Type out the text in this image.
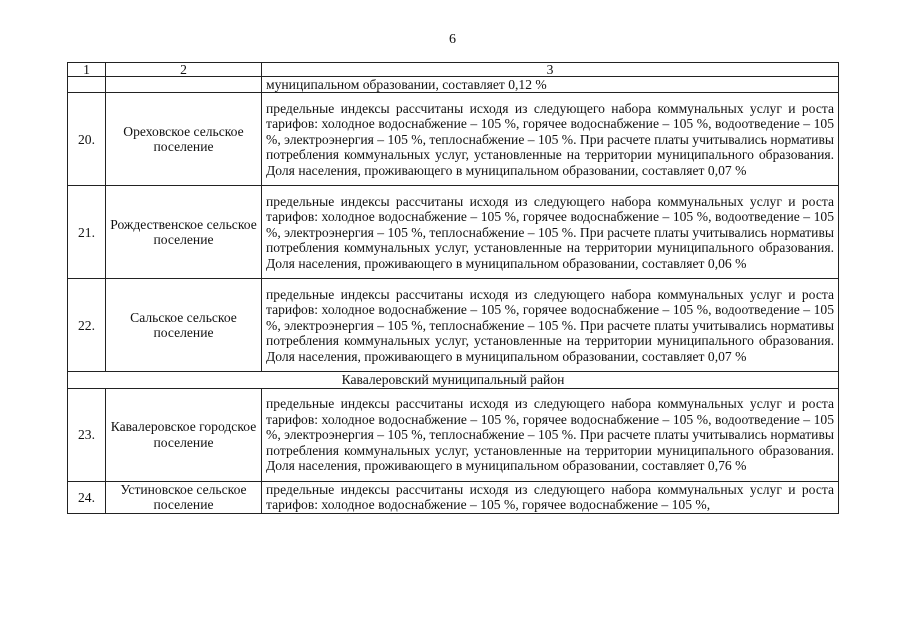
6
1	2	3
		муниципальном образовании, составляет 0,12 %
20.	Ореховское сельское поселение	предельные индексы рассчитаны исходя из следующего набора коммунальных услуг и роста тарифов: холодное водоснабжение – 105 %, горячее водоснабжение – 105 %, водоотведение – 105 %, электроэнергия – 105 %, теплоснабжение – 105 %. При расчете платы учитывались нормативы потребления коммунальных услуг, установленные на территории муниципального образования. Доля населения, проживающего в муниципальном образовании, составляет 0,07 %
21.	Рождественское сельское поселение	предельные индексы рассчитаны исходя из следующего набора коммунальных услуг и роста тарифов: холодное водоснабжение – 105 %, горячее водоснабжение – 105 %, водоотведение – 105 %, электроэнергия – 105 %, теплоснабжение – 105 %. При расчете платы учитывались нормативы потребления коммунальных услуг, установленные на территории муниципального образования. Доля населения, проживающего в муниципальном образовании, составляет 0,06 %
22.	Сальское сельское поселение	предельные индексы рассчитаны исходя из следующего набора коммунальных услуг и роста тарифов: холодное водоснабжение – 105 %, горячее водоснабжение – 105 %, водоотведение – 105 %, электроэнергия – 105 %, теплоснабжение – 105 %. При расчете платы учитывались нормативы потребления коммунальных услуг, установленные на территории муниципального образования. Доля населения, проживающего в муниципальном образовании, составляет 0,07 %
Кавалеровский муниципальный район		
23.	Кавалеровское городское поселение	предельные индексы рассчитаны исходя из следующего набора коммунальных услуг и роста тарифов: холодное водоснабжение – 105 %, горячее водоснабжение – 105 %, водоотведение – 105 %, электроэнергия – 105 %, теплоснабжение – 105 %. При расчете платы учитывались нормативы потребления коммунальных услуг, установленные на территории муниципального образования. Доля населения, проживающего в муниципальном образовании, составляет 0,76 %
24.	Устиновское сельское поселение	предельные индексы рассчитаны исходя из следующего набора коммунальных услуг и роста тарифов: холодное водоснабжение – 105 %, горячее водоснабжение – 105 %,
